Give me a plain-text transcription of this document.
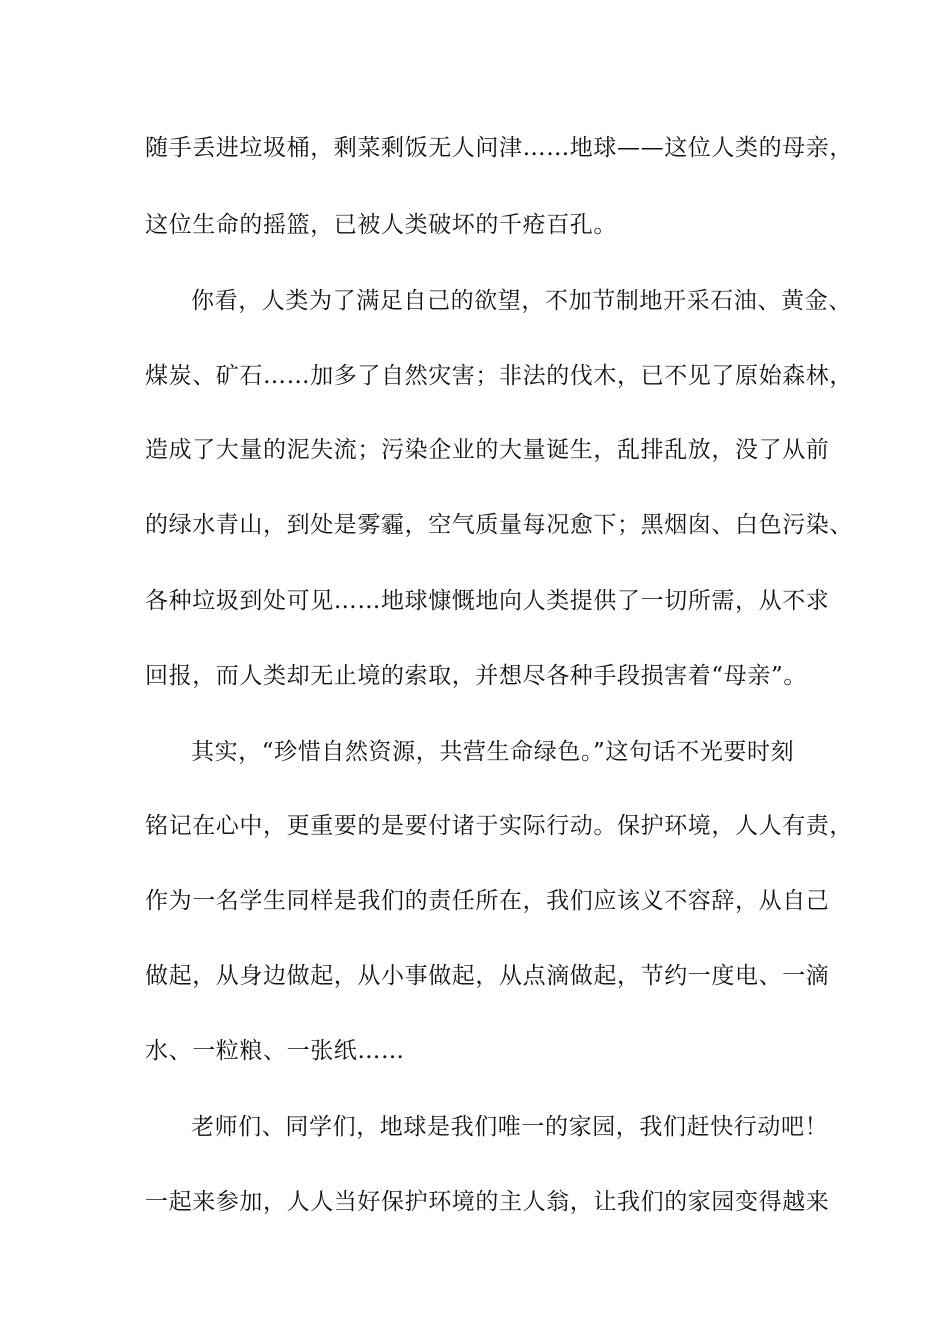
随手丢进垃圾桶，剩菜剩饭无人问津……地球——这位人类的母亲，
这位生命的摇篮，已被人类破坏的千疮百孔。
你看，人类为了满足自己的欲望，不加节制地开采石油、黄金、
煤炭、矿石……加多了自然灾害；非法的伐木，已不见了原始森林，
造成了大量的泥失流；污染企业的大量诞生，乱排乱放，没了从前
的绿水青山，到处是雾霾，空气质量每况愈下；黑烟囱、白色污染、
各种垃圾到处可见……地球慷慨地向人类提供了一切所需，从不求
回报，而人类却无止境的索取，并想尽各种手段损害着“母亲”。
其实，“珍惜自然资源，共营生命绿色。”这句话不光要时刻
铭记在心中，更重要的是要付诸于实际行动。保护环境，人人有责，
作为一名学生同样是我们的责任所在，我们应该义不容辞，从自己
做起，从身边做起，从小事做起，从点滴做起，节约一度电、一滴
水、一粒粮、一张纸……
老师们、同学们，地球是我们唯一的家园，我们赶快行动吧！
一起来参加，人人当好保护环境的主人翁，让我们的家园变得越来
